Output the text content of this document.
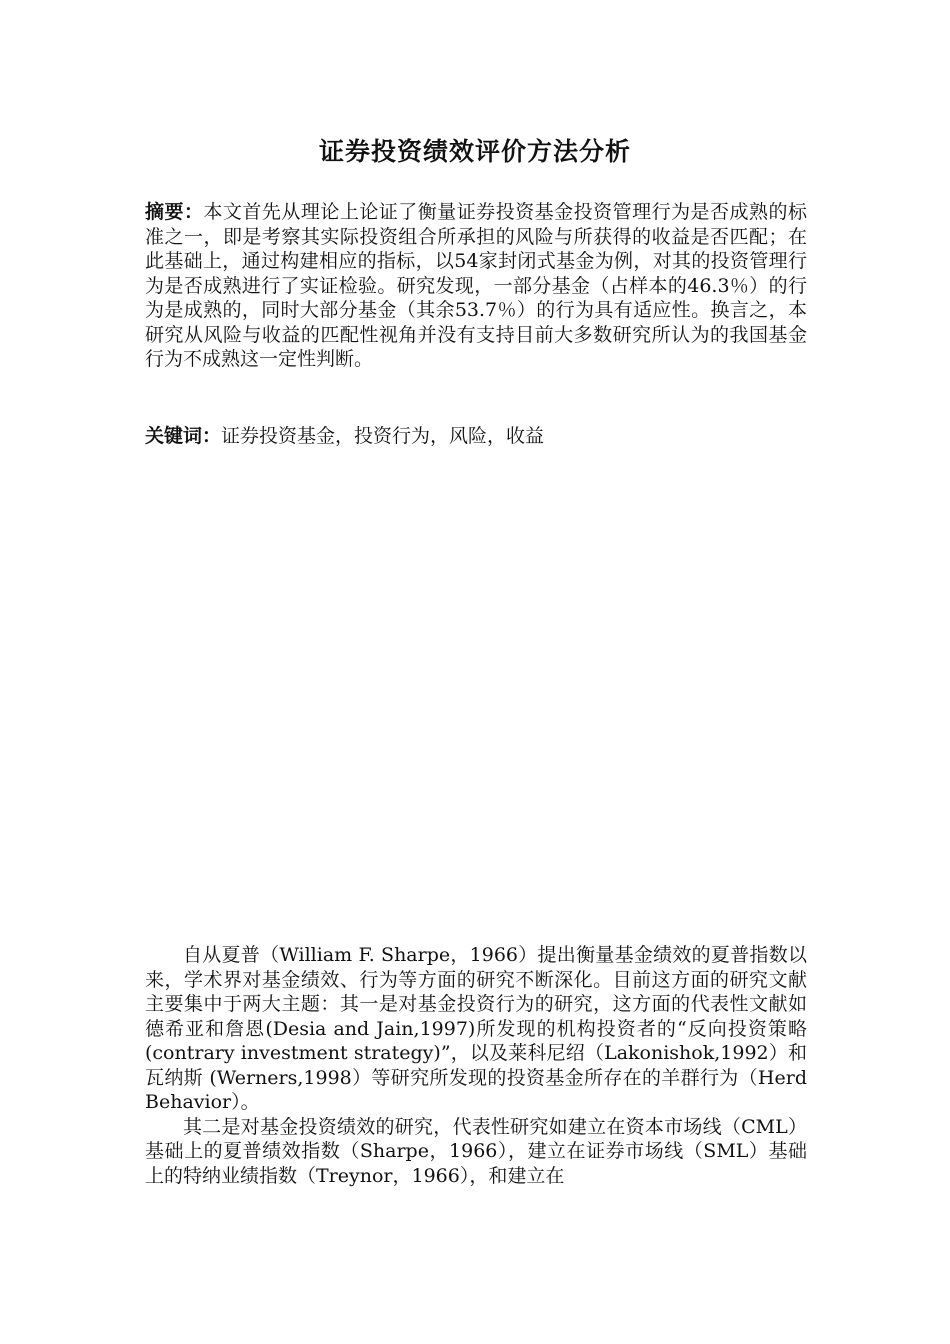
证券投资绩效评价方法分析
摘要：本文首先从理论上论证了衡量证券投资基金投资管理行为是否成熟的标准之一，即是考察其实际投资组合所承担的风险与所获得的收益是否匹配；在此基础上，通过构建相应的指标，以54家封闭式基金为例，对其的投资管理行为是否成熟进行了实证检验。研究发现，一部分基金（占样本的46.3％）的行为是成熟的，同时大部分基金（其余53.7％）的行为具有适应性。换言之，本研究从风险与收益的匹配性视角并没有支持目前大多数研究所认为的我国基金行为不成熟这一定性判断。
关键词：证券投资基金，投资行为，风险，收益

自从夏普（William F. Sharpe，1966）提出衡量基金绩效的夏普指数以来，学术界对基金绩效、行为等方面的研究不断深化。目前这方面的研究文献主要集中于两大主题：其一是对基金投资行为的研究，这方面的代表性文献如德希亚和詹恩(Desia and Jain,1997)所发现的机构投资者的“反向投资策略(contrary investment strategy)”，以及莱科尼绍（Lakonishok,1992）和瓦纳斯 (Werners,1998）等研究所发现的投资基金所存在的羊群行为（Herd Behavior）。

其二是对基金投资绩效的研究，代表性研究如建立在资本市场线（CML）基础上的夏普绩效指数（Sharpe，1966），建立在证券市场线（SML）基础上的特纳业绩指数（Treynor，1966），和建立在
